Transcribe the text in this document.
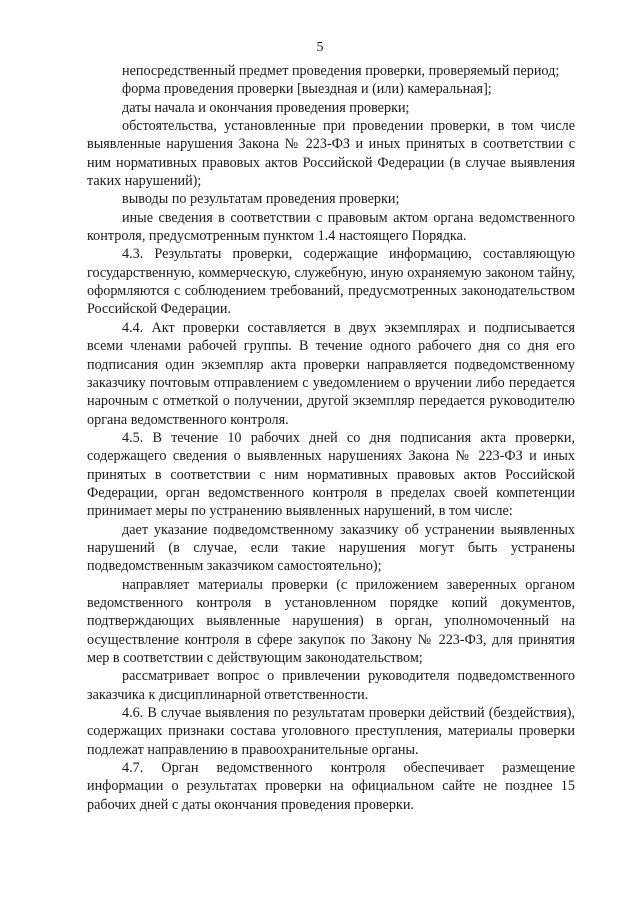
5

непосредственный предмет проведения проверки, проверяемый период;

форма проведения проверки [выездная и (или) камеральная];

даты начала и окончания проведения проверки;

обстоятельства, установленные при проведении проверки, в том числе выявленные нарушения Закона № 223-ФЗ и иных принятых в соответствии с ним нормативных правовых актов Российской Федерации (в случае выявления таких нарушений);

выводы по результатам проведения проверки;

иные сведения в соответствии с правовым актом органа ведомственного контроля, предусмотренным пунктом 1.4 настоящего Порядка.

4.3. Результаты проверки, содержащие информацию, составляющую государственную, коммерческую, служебную, иную охраняемую законом тайну, оформляются с соблюдением требований, предусмотренных законодательством Российской Федерации.

4.4. Акт проверки составляется в двух экземплярах и подписывается всеми членами рабочей группы. В течение одного рабочего дня со дня его подписания один экземпляр акта проверки направляется подведомственному заказчику почтовым отправлением с уведомлением о вручении либо передается нарочным с отметкой о получении, другой экземпляр передается руководителю органа ведомственного контроля.

4.5. В течение 10 рабочих дней со дня подписания акта проверки, содержащего сведения о выявленных нарушениях Закона № 223-ФЗ и иных принятых в соответствии с ним нормативных правовых актов Российской Федерации, орган ведомственного контроля в пределах своей компетенции принимает меры по устранению выявленных нарушений, в том числе:

дает указание подведомственному заказчику об устранении выявленных нарушений (в случае, если такие нарушения могут быть устранены подведомственным заказчиком самостоятельно);

направляет материалы проверки (с приложением заверенных органом ведомственного контроля в установленном порядке копий документов, подтверждающих выявленные нарушения) в орган, уполномоченный на осуществление контроля в сфере закупок по Закону № 223-ФЗ, для принятия мер в соответствии с действующим законодательством;

рассматривает вопрос о привлечении руководителя подведомственного заказчика к дисциплинарной ответственности.

4.6. В случае выявления по результатам проверки действий (бездействия), содержащих признаки состава уголовного преступления, материалы проверки подлежат направлению в правоохранительные органы.

4.7. Орган ведомственного контроля обеспечивает размещение информации о результатах проверки на официальном сайте не позднее 15 рабочих дней с даты окончания проведения проверки.
